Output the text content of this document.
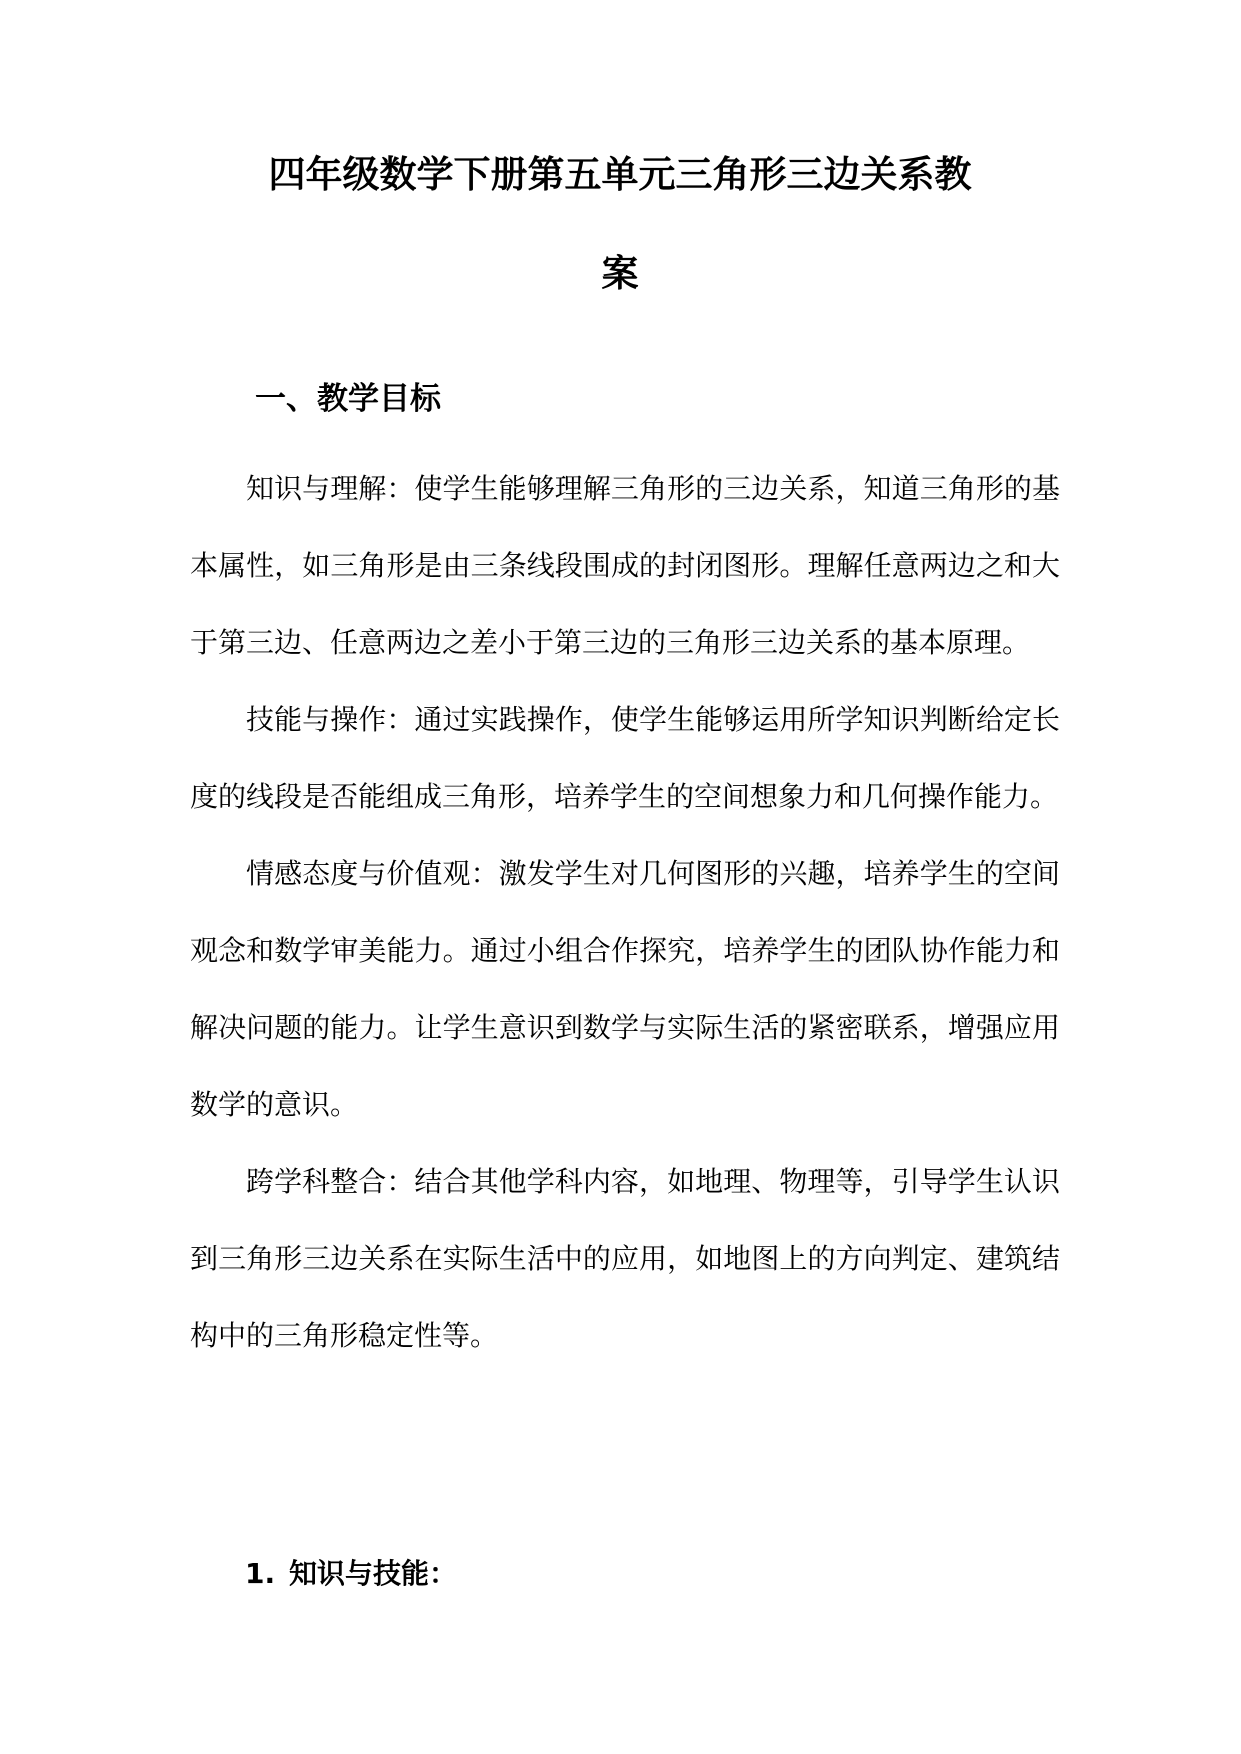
四年级数学下册第五单元三角形三边关系教
案
一、教学目标

知识与理解：使学生能够理解三角形的三边关系，知道三角形的基本属性，如三角形是由三条线段围成的封闭图形。理解任意两边之和大于第三边、任意两边之差小于第三边的三角形三边关系的基本原理。

技能与操作：通过实践操作，使学生能够运用所学知识判断给定长度的线段是否能组成三角形，培养学生的空间想象力和几何操作能力。

情感态度与价值观：激发学生对几何图形的兴趣，培养学生的空间观念和数学审美能力。通过小组合作探究，培养学生的团队协作能力和解决问题的能力。让学生意识到数学与实际生活的紧密联系，增强应用数学的意识。

跨学科整合：结合其他学科内容，如地理、物理等，引导学生认识到三角形三边关系在实际生活中的应用，如地图上的方向判定、建筑结构中的三角形稳定性等。

1. 知识与技能：
